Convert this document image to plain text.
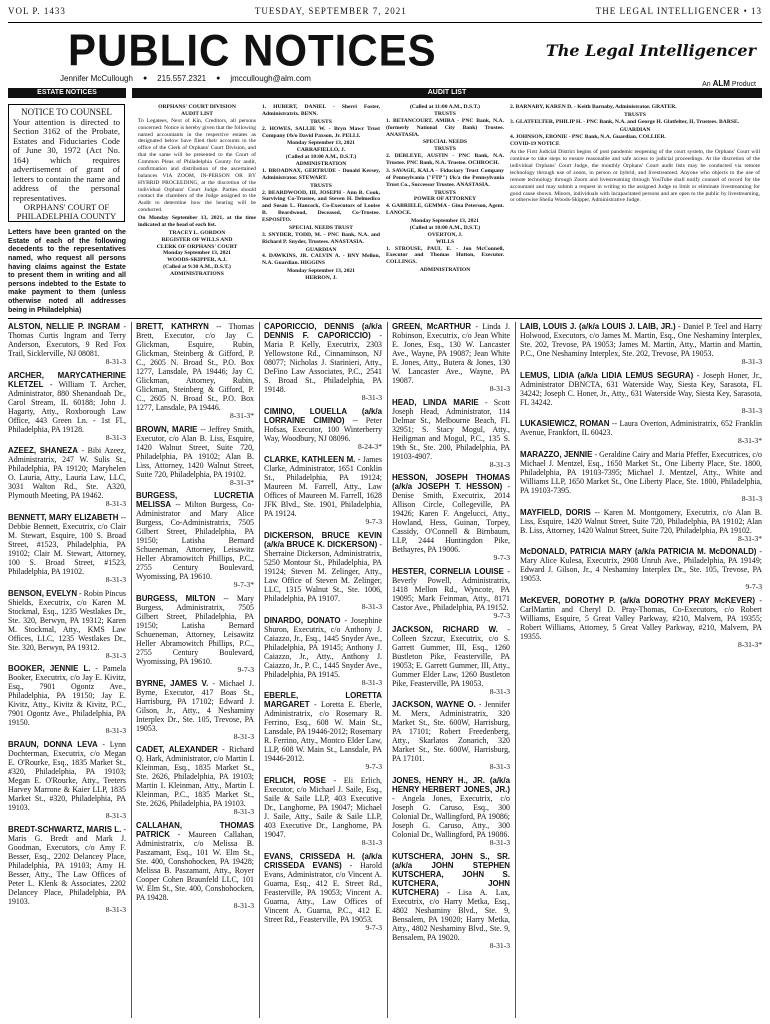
VOL P. 1433	TUESDAY, SEPTEMBER 7, 2021	THE LEGAL INTELLIGENCER • 13
PUBLIC NOTICES	The Legal Intelligencer
An ALM Product
Jennifer McCullough ● 215.557.2321 ● jmccullough@alm.com
ESTATE NOTICES	AUDIT LIST
NOTICE TO COUNSEL
Your attention is directed to Section 3162 of the Probate, Estates and Fiduciaries Code of June 30, 1972 (Act No. 164) which requires advertisement of grant of letters to contain the name and address of the personal representatives.
ORPHANS' COURT OF PHILADELPHIA COUNTY
Letters have been granted on the Estate of each of the following decedents to the representatives named, who request all persons having claims against the Estate to present them in writing and all persons indebted to the Estate to make payment to them (unless otherwise noted all addresses being in Philadelphia)
ORPHANS' COURT DIVISION
AUDIT LIST
To Legatees, Next of Kin, Creditors, all persons concerned: Notice is hereby given that the following named accountants in the respective estates as designated below have filed their accounts in the office of the Clerk of Orphans' Court Division, and that the same will be presented to the Court of Common Pleas of Philadelphia County for audit, confirmation and distribution of the ascertained balances VIA ZOOM, IN-PERSON OR BY HYBRID PROCEEDING, at the discretion of the individual Orphans' Court Judge. Parties should contact the chambers of the Judge assigned to the Audit to determine how the hearing will be conducted.
On Monday September 13, 2021, at the time indicated at the head of each list.
TRACEY L. GORDON
REGISTER OF WILLS AND
CLERK OF ORPHANS' COURT
Monday September 13, 2021
WOODS-SKIPPER, A.J.
(Called at 9:30 A.M., D.S.T.)
ADMINISTRATIONS
1. HUBERT, DANIEL - Sherri Foster, Administratrix. BENN.
TRUSTS
2. HOWES, SALLIE W. - Bryn Mawr Trust Company f/b/o David Paxson, Jr. PELLI.
Monday September 13, 2021
CARRAFIELLO, J.
(Called at 10:00 A.M., D.S.T.)
ADMINISTRATION
1. BROADNAX, GERTRUDE - Donald Kersey, Administrator. STEWART.
TRUSTS
2. BEARDWOOD, III, JOSEPH - Ann B. Cook, Surviving Co-Trustee, and Steven H. Delmedico and Susan L. Hancock, Co-Executors of Louise B. Beardwood, Deceased, Co-Trustee. ESPOSITO.
SPECIAL NEEDS TRUST
3. SNYDER, TODD, M. - PNC Bank, N.A. and Richard P. Snyder, Trustees. ANASTASIA.
GUARDIAN
4. DAWKINS, JR. CALVIN A. - BNY Mellon, N.A. Guardian. HIGGINS
Monday September 13, 2021
HERRON, J.
(Called at 11:00 A.M., D.S.T.)
TRUSTS
1. BETANCOURT, AMIRA - PNC Bank, N.A. (formerly National City Bank) Trustee. ANASTASIA.
SPECIAL NEEDS
TRUSTS
2. DEBLEYE, AUSTIN - PNC Bank, N.A. Trustee. PNC Bank, N.A. Trustee. OCHROCH.
3. SAVAGE, KALA - Fiduciary Trust Company of Pennsylvania ("FTP") f/k/a the Pennsylvania Trust Co., Successor Trustee. ANASTASIA.
TRUSTS
POWER OF ATTORNEY
4. GABRIELE, GEMMA - Gina Peterson, Agent. LANOCE.
Monday September 13, 2021
(Called at 10:00 A.M., D.S.T.)
OVERTON, J.
WILLS
1. STROUSE, PAUL E. - Jon McConnell, Executor and Thomas Hutton, Executor. COLLINGS.
ADMINISTRATION
2. BARNABY, KAREN D. - Keith Barnaby, Administrator. GRATER.
TRUSTS
3. GLATFELTER, PHILIP H. - PNC Bank, N.A. and George H. Glatfelter, II, Trustees. BARSE.
GUARDIAN
4. JOHNSON, EBONIE - PNC Bank, N.A. Guardian. COLLIER.
COVID-19 NOTICE
As the First Judicial District begins of post pandemic reopening of the court system, the Orphans' Court will continue to take steps to ensure reasonable and safe access to judicial proceedings. At the discretion of the individual Orphans' Court Judge, the monthly Orphans' Court audit lists may be conducted via remote technology through use of zoom, in person or hybrid, and livestreamed. Anyone who objects to the use of remote technology through Zoom and livestreaming through YouTube shall notify counsel of record for the accountant and may submit a request in writing to the assigned Judge to limit or eliminate livestreaming for good cause shown. Minors, individuals with incapacitated persons and are open to the public by livestreaming, or otherwise Sheila Woods-Skipper, Administrative Judge.
ALSTON, NELLIE P. INGRAM - Thomas Curtis Ingram and Terry Anderson, Executors, 9 Red Fox Trail, Sicklerville, NJ 08081.
8-31-3
ARCHER, MARYCATHERINE KLETZEL - William T. Archer, Administrator, 880 Shenandoah Dr., Carol Stream, IL 60188; John J. Hagarty, Atty., Roxborough Law Office, 443 Green Ln. - 1st Fl., Philadelphia, PA 19128.
8-31-3
AZEEZ, SHANEZA - Bibi Azeez, Administratrix, 247 W. Sulis St., Philadelphia, PA 19120; Maryhelen O. Lauria, Atty., Lauria Law, LLC, 3031 Walton Rd., Ste. A320, Plymouth Meeting, PA 19462.
8-31-3
BENNETT, MARY ELIZABETH -- Debbie Bennett, Executrix, c/o Clair M. Stewart, Esquire, 100 S. Broad Street, #1523, Philadelphia, PA 19102; Clair M. Stewart, Attorney, 100 S. Broad Street, #1523, Philadelphia, PA 19102.
8-31-3
BENSON, EVELYN - Robin Pincus Shields, Executrix, c/o Karen M. Stockmal, Esq., 1235 Westlakes Dr., Ste. 320, Berwyn, PA 19312; Karen M. Stockmal, Atty., KMS Law Offices, LLC, 1235 Westlakes Dr., Ste. 320, Berwyn, PA 19312.
8-31-3
BOOKER, JENNIE L. - Pamela Booker, Executrix, c/o Jay E. Kivitz, Esq., 7901 Ogontz Ave., Philadelphia, PA 19150; Jay E. Kivitz, Atty., Kivitz & Kivitz, P.C., 7901 Ogontz Ave., Philadelphia, PA 19150.
8-31-3
BRAUN, DONNA LEVA - Lynn Dochterman, Executrix, c/o Megan E. O'Rourke, Esq., 1835 Market St., #320, Philadelphia, PA 19103; Megan E. O'Rourke, Atty., Teeters Harvey Marrone & Kaier LLP, 1835 Market St., #320, Philadelphia, PA 19103.
8-31-3
BREDT-SCHWARTZ, MARIS L. - Maris G. Bredt and Mark J. Goodman, Executors, c/o Amy F. Besser, Esq., 2202 Delancey Place, Philadelphia, PA 19103; Amy H. Besser, Atty., The Law Offices of Peter L. Klenk & Associates, 2202 Delancey Place, Philadelphia, PA 19103.
8-31-3
BRETT, KATHRYN -- Thomas Brett, Executor, c/o Jay C. Glickman, Esquire, Rubin, Glickman, Steinberg & Gifford, P. C., 2605 N. Broad St., P.O. Box 1277, Lansdale, PA 19446; Jay C. Glickman, Attorney, Rubin, Glickman, Steinberg & Gifford, P. C., 2605 N. Broad St., P.O. Box 1277, Lansdale, PA 19446.
8-31-3*
BROWN, MARIE -- Jeffrey Smith, Executor, c/o Alan B. Liss, Esquire, 1420 Walnut Street, Suite 720, Philadelphia, PA 19102; Alan B. Liss, Attorney, 1420 Walnut Street, Suite 720, Philadelphia, PA 19102.
8-31-3*
BURGESS, LUCRETIA MELISSA -- Milton Burgess, Co-Administrator and Mary Alice Burgess, Co-Administratrix, 7505 Gilbert Street, Philadelphia, PA 19150; Latisha Bernard Schueneman, Attorney, Leisawitz Heller Abramowitch Phillips, P.C., 2755 Century Boulevard, Wyomissing, PA 19610.
9-7-3*
BURGESS, MILTON -- Mary Burgess, Administratrix, 7505 Gilbert Street, Philadelphia, PA 19150; Latisha Bernard Schueneman, Attorney, Leisawitz Heller Abramowitch Phillips, P.C., 2755 Century Boulevard, Wyomissing, PA 19610.
9-7-3
BYRNE, JAMES V. - Michael J. Byrne, Executor, 417 Boas St., Harrisburg, PA 17102; Edward J. Gilson, Jr., Atty., 4 Neshaminy Interplex Dr., Ste. 105, Trevose, PA 19053.
8-31-3
CADET, ALEXANDER - Richard Q. Hark, Administrator, c/o Martin I. Kleinman, Esq., 1835 Market St., Ste. 2626, Philadelphia, PA 19103; Martin I. Kleinman, Atty., Martin I. Kleinman, P.C., 1835 Market St., Ste. 2626, Philadelphia, PA 19103.
8-31-3
CALLAHAN, THOMAS PATRICK - Maureen Callahan, Administratrix, c/o Melissa B. Paszamant, Esq., 101 W. Elm St., Ste. 400, Conshohocken, PA 19428; Melissa B. Paszamant, Atty., Royer Cooper Cohen Braunfeld LLC, 101 W. Elm St., Ste. 400, Conshohocken, PA 19428.
8-31-3
CAPORICCIO, DENNIS (a/k/a DENNIS F. CAPORICCIO) - Maria P. Kelly, Executrix, 2303 Yellowstone Rd., Cinnaminson, NJ 08077; Nicholas J. Starinieri, Atty., DeFino Law Associates, P.C., 2541 S. Broad St., Philadelphia, PA 19148.
8-31-3
CIMINO, LOUELLA (a/k/a LORRAINE CIMINO) -- Peter Hofsas, Executor, 100 Winterberry Way, Woodbury, NJ 08096.
8-24-3*
CLARKE, KATHLEEN M. - James Clarke, Administrator, 1651 Conklin St., Philadelphia, PA 19124; Maureen M. Farrell, Atty., Law Offices of Maureen M. Farrell, 1628 JFK Blvd., Ste. 1901, Philadelphia, PA 19124.
9-7-3
DICKERSON, BRUCE KEVIN (a/k/a BRUCE K. DICKERSON) - Sherraine Dickerson, Administratrix, 5250 Montour St., Philadelphia, PA 19124; Steven M. Zelinger, Atty., Law Office of Steven M. Zelinger, LLC, 1315 Walnut St., Ste. 1006, Philadelphia, PA 19107.
8-31-3
DINARDO, DONATO - Josephine Shuron, Executrix, c/o Anthony J. Caiazzo, Jr., Esq., 1445 Snyder Ave., Philadelphia, PA 19145; Anthony J. Caiazzo, Jr., Atty., Anthony J. Caiazzo, Jr., P. C., 1445 Snyder Ave., Philadelphia, PA 19145.
8-31-3
EBERLE, LORETTA MARGARET - Loretta E. Eberle, Administratrix, c/o Rosemary R. Ferrino, Esq., 608 W. Main St., Lansdale, PA 19446-2012; Rosemary R. Ferrino, Atty., Montco Elder Law, LLP, 608 W. Main St., Lansdale, PA 19446-2012.
9-7-3
ERLICH, ROSE - Eli Erlich, Executor, c/o Michael J. Saile, Esq., Saile & Saile LLP, 403 Executive Dr., Langhorne, PA 19047; Michael J. Saile, Atty., Saile & Saile LLP, 403 Executive Dr., Langhorne, PA 19047.
8-31-3
EVANS, CRISSEDA H. (a/k/a CRISSEDA EVANS) - Harold Evans, Administrator, c/o Vincent A. Guarna, Esq., 412 E. Street Rd., Feasterville, PA 19053; Vincent A. Guarna, Atty., Law Offices of Vincent A. Guarna, P.C., 412 E. Street Rd., Feasterville, PA 19053.
9-7-3
GREEN, McARTHUR - Linda J. Robinson, Executrix, c/o Jean White E. Jones, Esq., 130 W. Lancaster Ave., Wayne, PA 19087; Jean White E. Jones, Atty., Butera & Jones, 130 W. Lancaster Ave., Wayne, PA 19087.
8-31-3
HEAD, LINDA MARIE - Scott Joseph Head, Administrator, 114 Delmar St., Melbourne Beach, FL 32951; S. Stacy Mogul, Atty., Heiligman and Mogul, P.C., 135 S. 19th St., Ste. 200, Philadelphia, PA 19103-4907.
8-31-3
HESSON, JOSEPH THOMAS (a/k/a JOSEPH T. HESSON) - Denise Smith, Executrix, 2014 Allison Circle, Collegeville, PA 19426; Karen F. Angelucci, Atty., Howland, Hess, Guinan, Torpey, Cassidy, O'Connell & Birnbaum, LLP, 2444 Huntingdon Pike, Bethayres, PA 19006.
9-7-3
HESTER, CORNELIA LOUISE - Beverly Powell, Administratrix, 1418 Mellon Rd., Wyncote, PA 19095; Mark Feinman, Atty., 8171 Castor Ave., Philadelphia, PA 19152.
9-7-3
JACKSON, RICHARD W. - Colleen Szczur, Executrix, c/o S. Garrett Gummer, III, Esq., 1260 Bustleton Pike, Feasterville, PA 19053; E. Garrett Gummer, III, Atty., Gummer Elder Law, 1260 Bustleton Pike, Feasterville, PA 19053.
8-31-3
JACKSON, WAYNE O. - Jennifer M. Merx, Administratrix, 320 Market St., Ste. 600W, Harrisburg, PA 17101; Robert Freedenberg, Atty., Skarlatos Zonarich, 320 Market St., Ste. 600W, Harrisburg, PA 17101.
8-31-3
JONES, HENRY H., JR. (a/k/a HENRY HERBERT JONES, JR.) - Angela Jones, Executrix, c/o Joseph G. Caruso, Esq., 300 Colonial Dr., Wallingford, PA 19086; Joseph G. Caruso, Atty., 300 Colonial Dr., Wallingford, PA 19086.
8-31-3
KUTSCHERA, JOHN S., SR. (a/k/a JOHN STEPHEN KUTSCHERA, JOHN S. KUTCHERA, JOHN KUTCHERA) - Lisa A. Lax, Executrix, c/o Harry Metka, Esq., 4802 Neshaminy Blvd., Ste. 9, Bensalem, PA 19020; Harry Metka, Atty., 4802 Neshaminy Blvd., Ste. 9, Bensalem, PA 19020.
8-31-3
LAIB, LOUIS J. (a/k/a LOUIS J. LAIB, JR.) - Daniel P. Teel and Harry Holwood, Executors, c/o James M. Martin, Esq., One Neshaminy Interplex, Ste. 202, Trevose, PA 19053; James M. Martin, Atty., Martin and Martin, P.C., One Neshaminy Interplex, Ste. 202, Trevose, PA 19053.
8-31-3
LEMUS, LIDIA (a/k/a LIDIA LEMUS SEGURA) - Joseph Honer, Jr., Administrator DBNCTA, 631 Waterside Way, Siesta Key, Sarasota, FL 34242; Joseph C. Honer, Jr., Atty., 631 Waterside Way, Siesta Key, Sarasota, FL 34242.
8-31-3
LUKASIEWICZ, ROMAN -- Laura Overton, Administratrix, 652 Franklin Avenue, Frankfort, IL 60423.
8-31-3*
MARAZZO, JENNIE - Geraldine Cairy and Maria Pfeffer, Executrices, c/o Michael J. Mentzel, Esq., 1650 Market St., One Liberty Place, Ste. 1800, Philadelphia, PA 19103-7395; Michael J. Mentzel, Atty., White and Williams LLP, 1650 Market St., One Liberty Place, Ste. 1800, Philadelphia, PA 19103-7395.
8-31-3
MAYFIELD, DORIS -- Karen M. Montgomery, Executrix, c/o Alan B. Liss, Esquire, 1420 Walnut Street, Suite 720, Philadelphia, PA 19102; Alan B. Liss, Attorney, 1420 Walnut Street, Suite 720, Philadelphia, PA 19102.
8-31-3*
McDONALD, PATRICIA MARY (a/k/a PATRICIA M. McDONALD) - Mary Alice Kulesa, Executrix, 2908 Unruh Ave., Philadelphia, PA 19149; Edward J. Gilson, Jr., 4 Neshaminy Interplex Dr., Ste. 105, Trevose, PA 19053.
9-7-3
McKEVER, DOROTHY P. (a/k/a DOROTHY PRAY McKEVER) - CarlMartin and Cheryl D. Pray-Thomas, Co-Executors, c/o Robert Williams, Esquire, 5 Great Valley Parkway, #210, Malvern, PA 19355; Robert Williams, Attorney, 5 Great Valley Parkway, #210, Malvern, PA 19355.
8-31-3*
